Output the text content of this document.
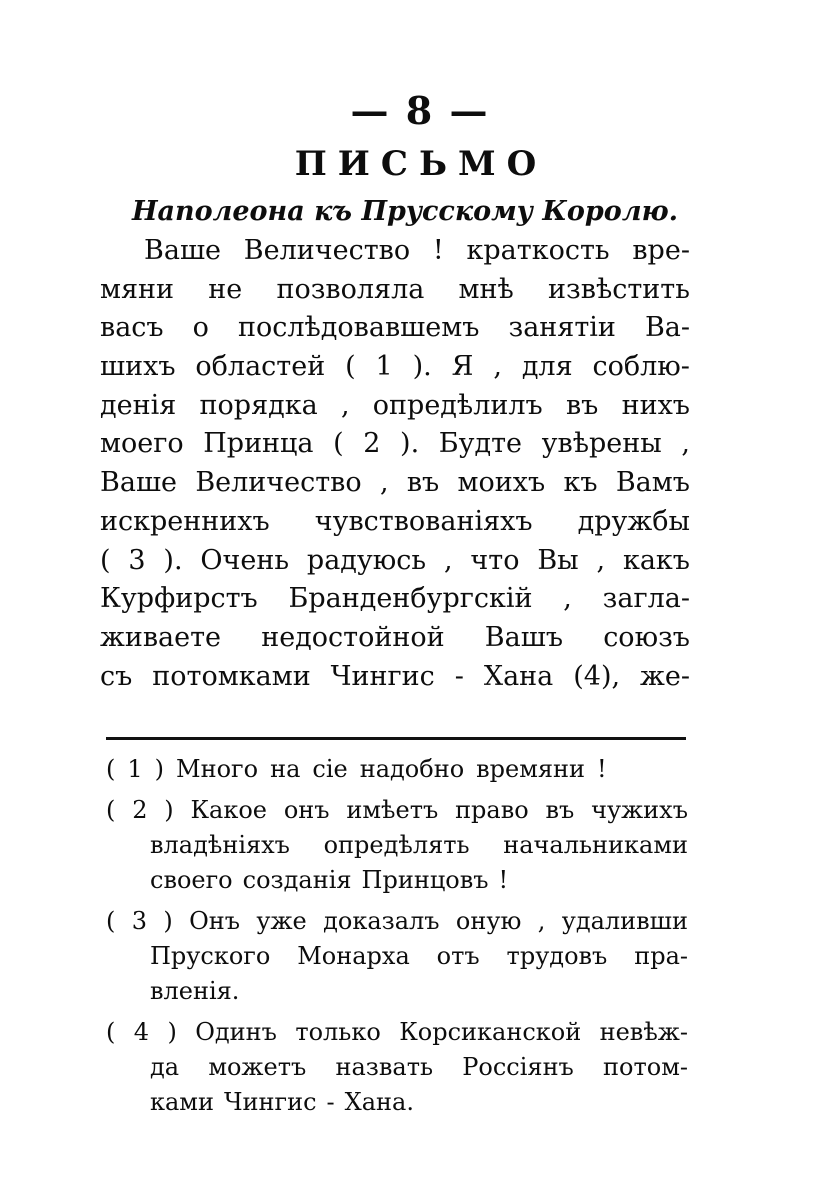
— 8 —
ПИСЬМО
Наполеона къ Прусскому Королю.
Ваше Величество ! краткость вре-
мяни не позволяла мнѣ извѣстить
васъ о послѣдовавшемъ занятіи Ва-
шихъ областей ( 1 ). Я , для соблю-
денія порядка , опредѣлилъ въ нихъ
моего Принца ( 2 ). Будте увѣрены ,
Ваше Величество , въ моихъ къ Вамъ
искреннихъ чувствованіяхъ дружбы
( 3 ). Очень радуюсь , что Вы , какъ
Курфирстъ Бранденбургскій , загла-
живаете недостойной Вашъ союзъ
съ потомками Чингис - Хана (4), же-
( 1 ) Много на сіе надобно времяни !
( 2 ) Какое онъ имѣетъ право въ чужихъ
владѣніяхъ опредѣлять начальниками
своего созданія Принцовъ !
( 3 ) Онъ уже доказалъ оную , удаливши
Пруского Монарха отъ трудовъ пра-
вленія.
( 4 ) Одинъ только Корсиканской невѣж-
да можетъ назвать Россіянъ потом-
ками Чингис - Хана.
